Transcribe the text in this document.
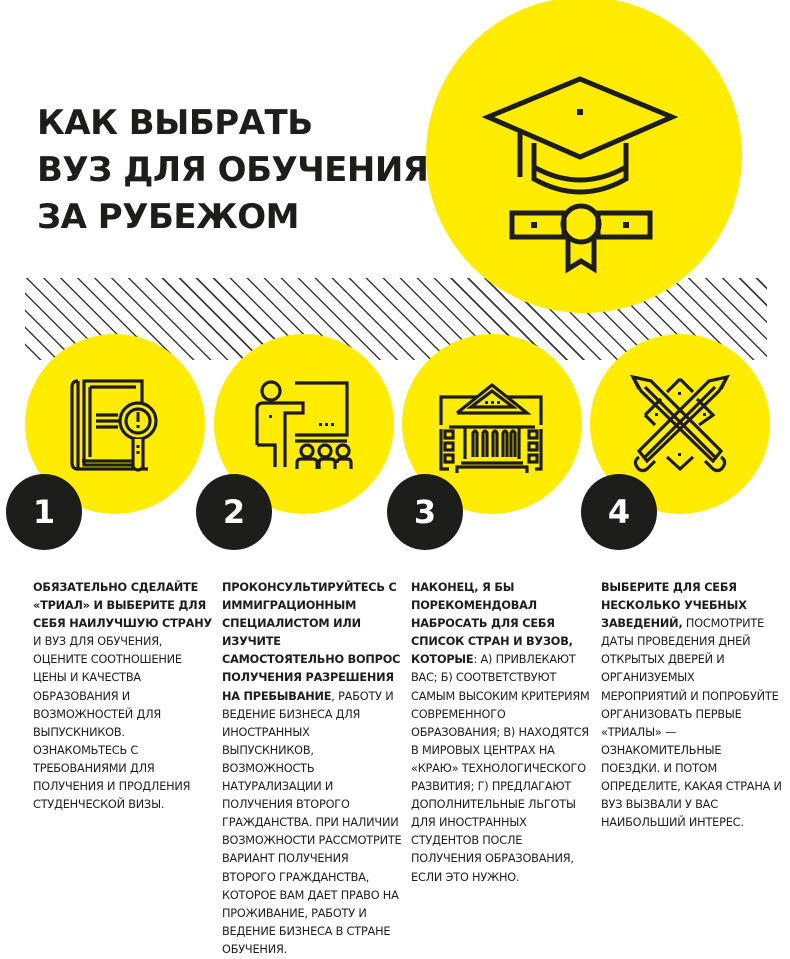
КАК ВЫБРАТЬ
ВУЗ ДЛЯ ОБУЧЕНИЯ
ЗА РУБЕЖОМ
1
ОБЯЗАТЕЛЬНО СДЕЛАЙТЕ «ТРИАЛ» И ВЫБЕРИТЕ ДЛЯ СЕБЯ НАИЛУЧШУЮ СТРАНУ И ВУЗ ДЛЯ ОБУЧЕНИЯ, ОЦЕНИТЕ СООТНОШЕНИЕ ЦЕНЫ И КАЧЕСТВА ОБРАЗОВАНИЯ И ВОЗМОЖНОСТЕЙ ДЛЯ ВЫПУСКНИКОВ. ОЗНАКОМЬТЕСЬ С ТРЕБОВАНИЯМИ ДЛЯ ПОЛУЧЕНИЯ И ПРОДЛЕНИЯ СТУДЕНЧЕСКОЙ ВИЗЫ.
2
ПРОКОНСУЛЬТИРУЙТЕСЬ С ИММИГРАЦИОННЫМ СПЕЦИАЛИСТОМ ИЛИ ИЗУЧИТЕ САМОСТОЯТЕЛЬНО ВОПРОС ПОЛУЧЕНИЯ РАЗРЕШЕНИЯ НА ПРЕБЫВАНИЕ, РАБОТУ И ВЕДЕНИЕ БИЗНЕСА ДЛЯ ИНОСТРАННЫХ ВЫПУСКНИКОВ, ВОЗМОЖНОСТЬ НАТУРАЛИЗАЦИИ И ПОЛУЧЕНИЯ ВТОРОГО ГРАЖДАНСТВА. ПРИ НАЛИЧИИ ВОЗМОЖНОСТИ РАССМОТРИТЕ ВАРИАНТ ПОЛУЧЕНИЯ ВТОРОГО ГРАЖДАНСТВА, КОТОРОЕ ВАМ ДАЕТ ПРАВО НА ПРОЖИВАНИЕ, РАБОТУ И ВЕДЕНИЕ БИЗНЕСА В СТРАНЕ ОБУЧЕНИЯ.
3
НАКОНЕЦ, Я БЫ ПОРЕКОМЕНДОВАЛ НАБРОСАТЬ ДЛЯ СЕБЯ СПИСОК СТРАН И ВУЗОВ, КОТОРЫЕ: А) ПРИВЛЕКАЮТ ВАС; Б) СООТВЕТСТВУЮТ САМЫМ ВЫСОКИМ КРИТЕРИЯМ СОВРЕМЕННОГО ОБРАЗОВАНИЯ; В) НАХОДЯТСЯ В МИРОВЫХ ЦЕНТРАХ НА «КРАЮ» ТЕХНОЛОГИЧЕСКОГО РАЗВИТИЯ; Г) ПРЕДЛАГАЮТ ДОПОЛНИТЕЛЬНЫЕ ЛЬГОТЫ ДЛЯ ИНОСТРАННЫХ СТУДЕНТОВ ПОСЛЕ ПОЛУЧЕНИЯ ОБРАЗОВАНИЯ, ЕСЛИ ЭТО НУЖНО.
4
ВЫБЕРИТЕ ДЛЯ СЕБЯ НЕСКОЛЬКО УЧЕБНЫХ ЗАВЕДЕНИЙ, ПОСМОТРИТЕ ДАТЫ ПРОВЕДЕНИЯ ДНЕЙ ОТКРЫТЫХ ДВЕРЕЙ И ОРГАНИЗУЕМЫХ МЕРОПРИЯТИЙ И ПОПРОБУЙТЕ ОРГАНИЗОВАТЬ ПЕРВЫЕ «ТРИАЛЫ» — ОЗНАКОМИТЕЛЬНЫЕ ПОЕЗДКИ. И ПОТОМ ОПРЕДЕЛИТЕ, КАКАЯ СТРАНА И ВУЗ ВЫЗВАЛИ У ВАС НАИБОЛЬШИЙ ИНТЕРЕС.
